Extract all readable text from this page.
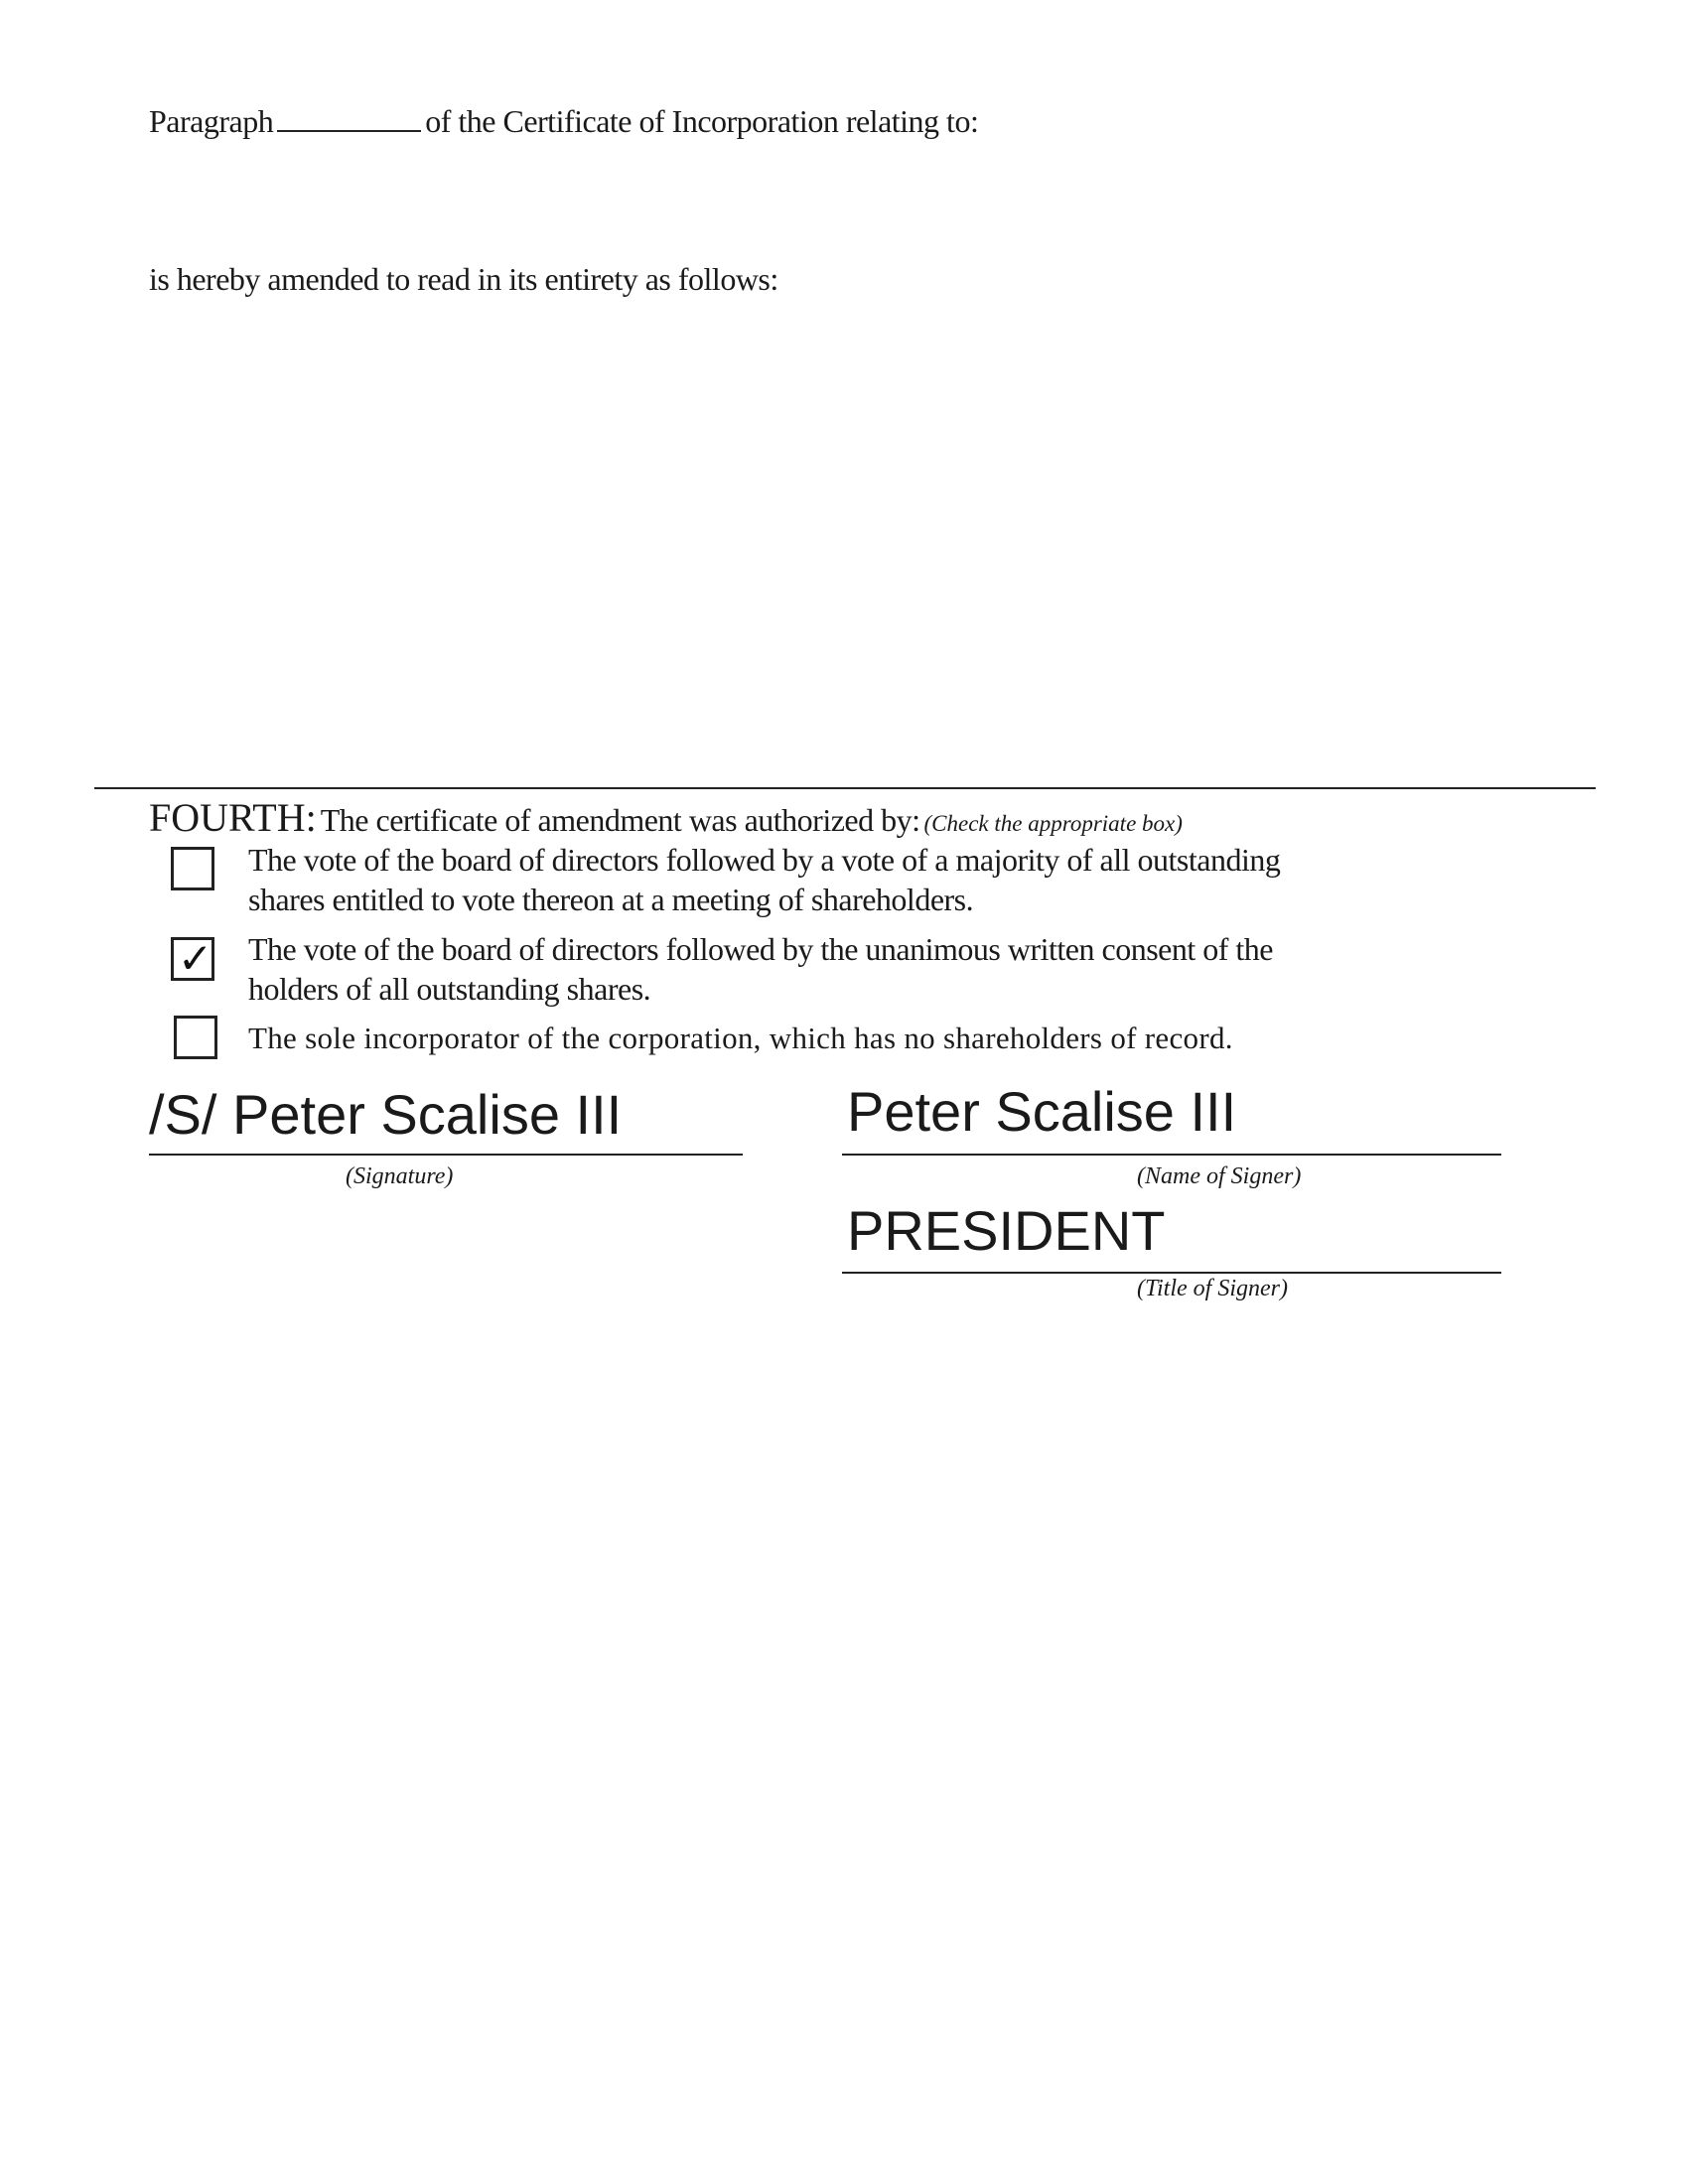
Paragraph	of the Certificate of Incorporation relating to:
is hereby amended to read in its entirety as follows:
FOURTH: The certificate of amendment was authorized by: (Check the appropriate box)
The vote of the board of directors followed by a vote of a majority of all outstanding
shares entitled to vote thereon at a meeting of shareholders.
✓ The vote of the board of directors followed by the unanimous written consent of the
holders of all outstanding shares.
The sole incorporator of the corporation, which has no shareholders of record.
/S/ Peter Scalise III
(Signature)
Peter Scalise III
(Name of Signer)
PRESIDENT
(Title of Signer)
